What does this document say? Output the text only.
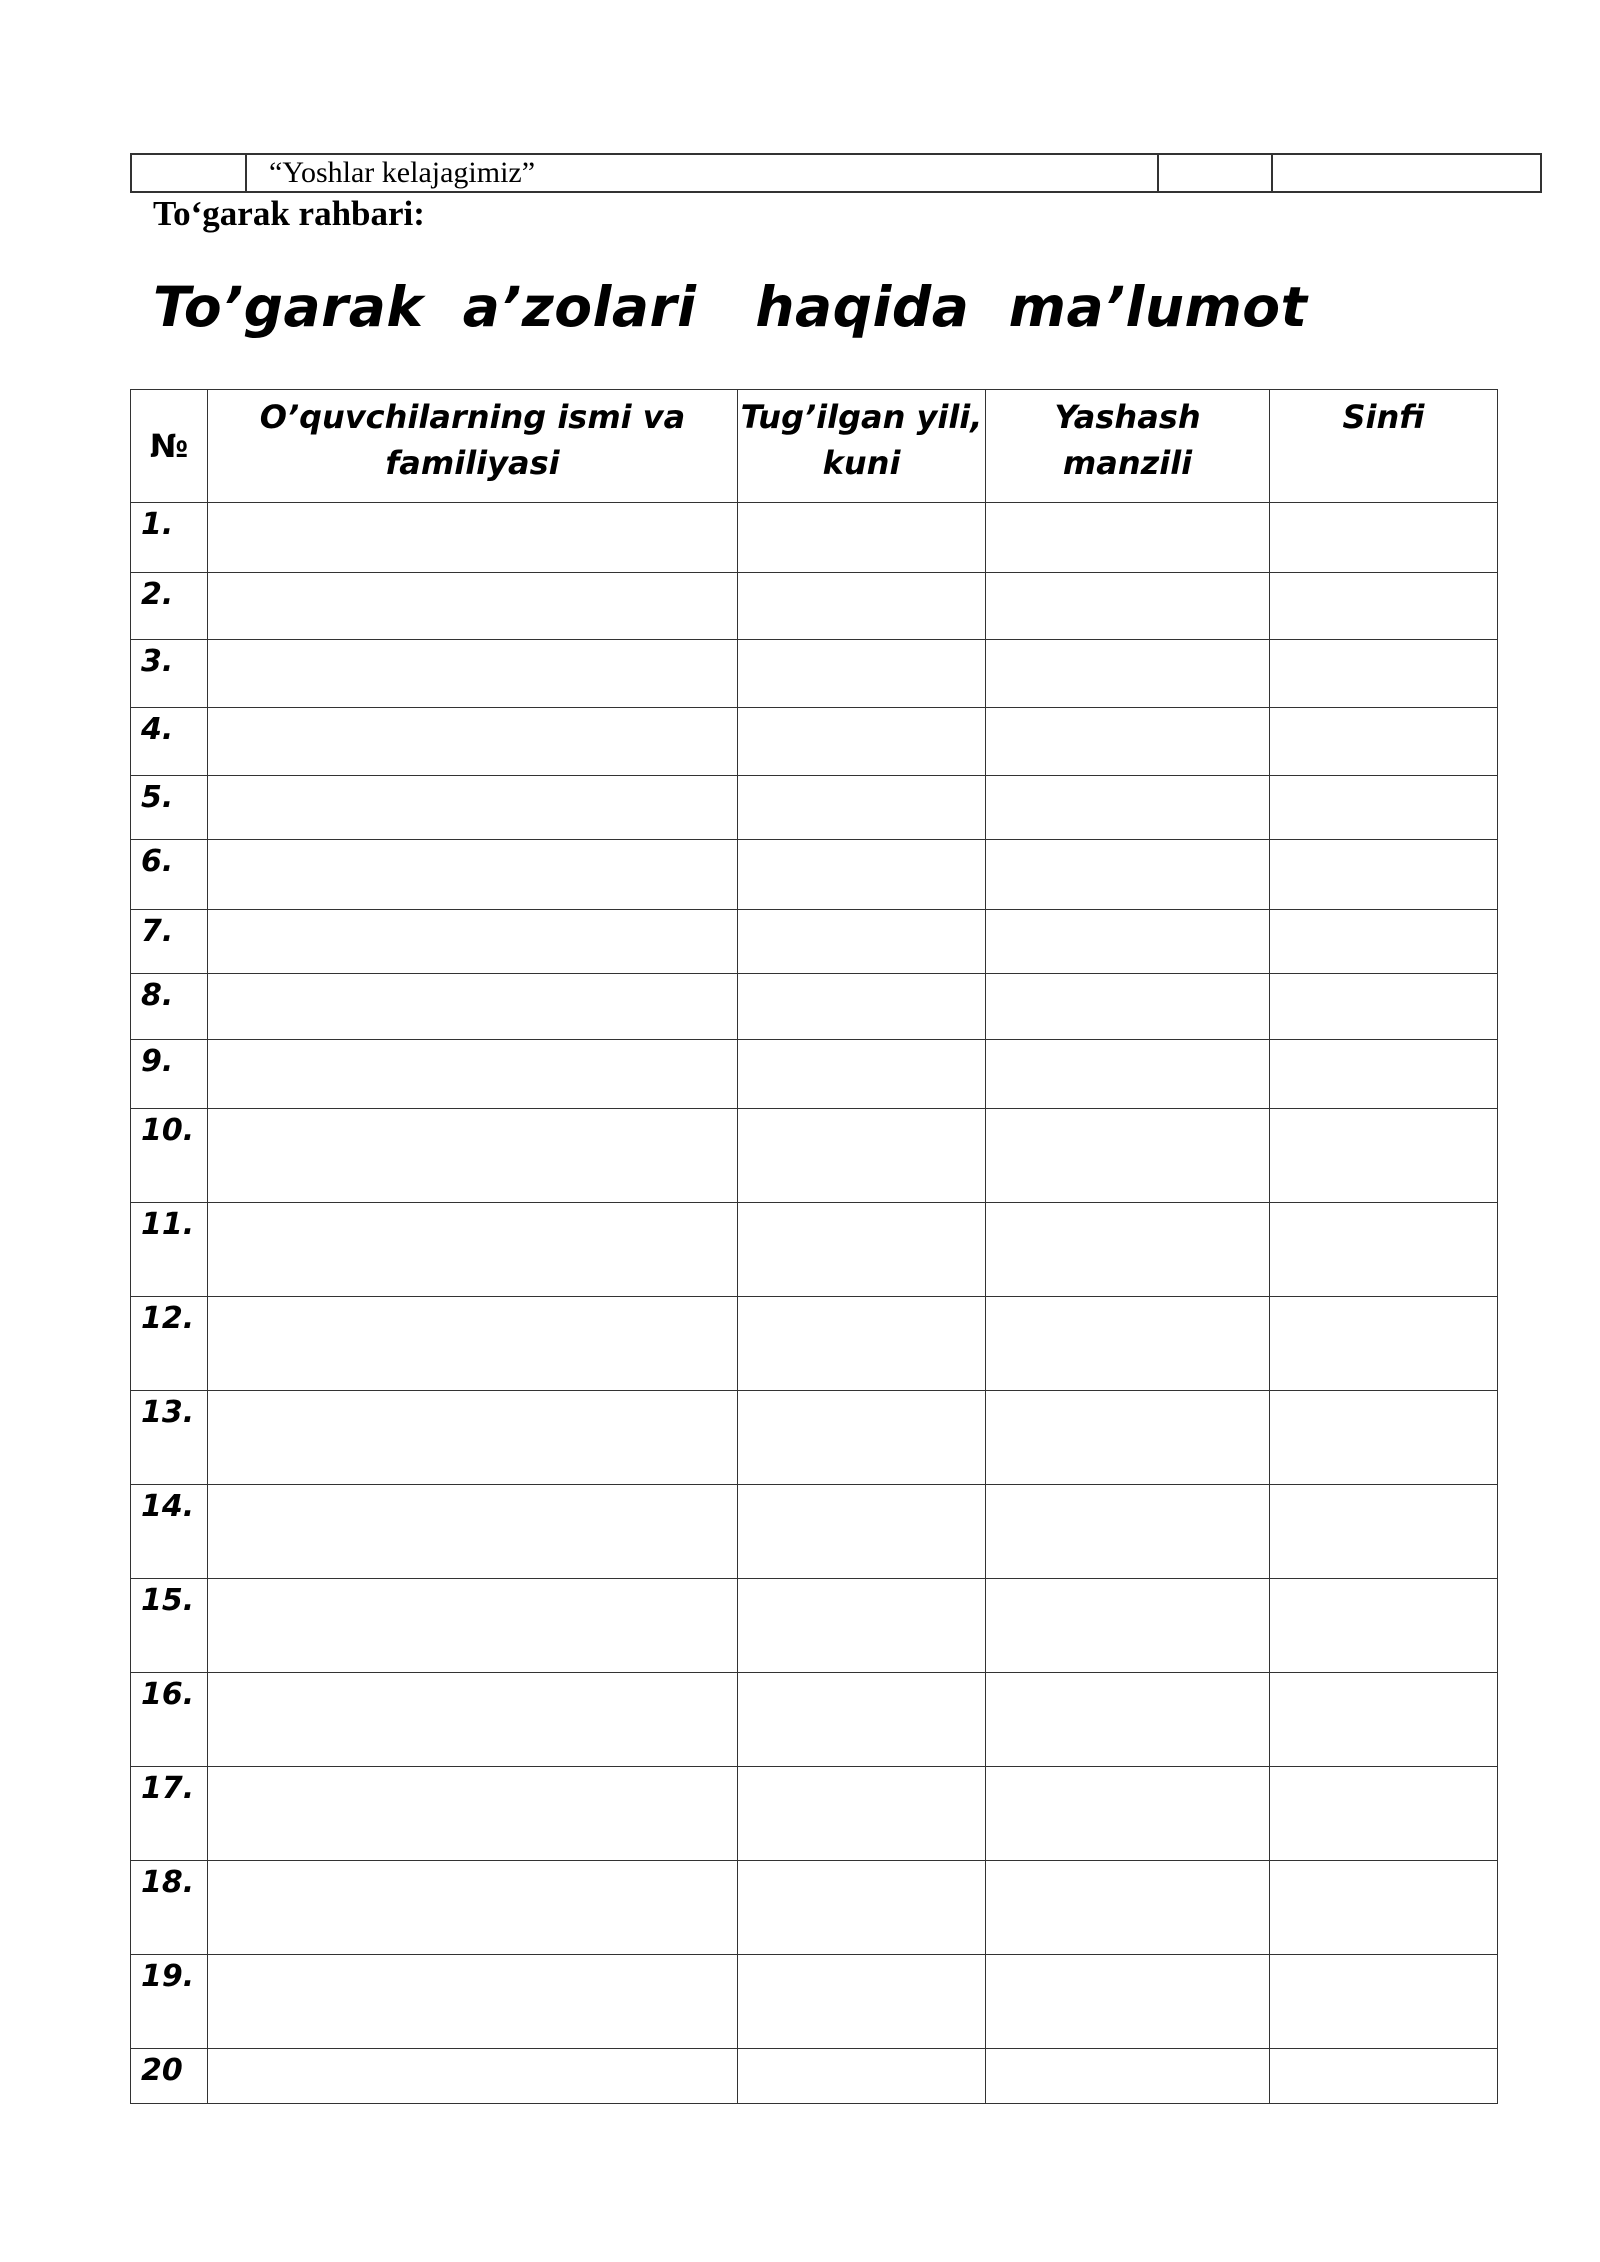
	“Yoshlar kelajagimiz”		
To‘garak rahbari:
To’garak  a’zolari   haqida  ma’lumot
№	O’quvchilarning ismi va familiyasi	Tug’ilgan yili, kuni	Yashash manzili	Sinfi
1.				
2.				
3.				
4.				
5.				
6.				
7.				
8.				
9.				
10.				
11.				
12.				
13.				
14.				
15.				
16.				
17.				
18.				
19.				
20				
